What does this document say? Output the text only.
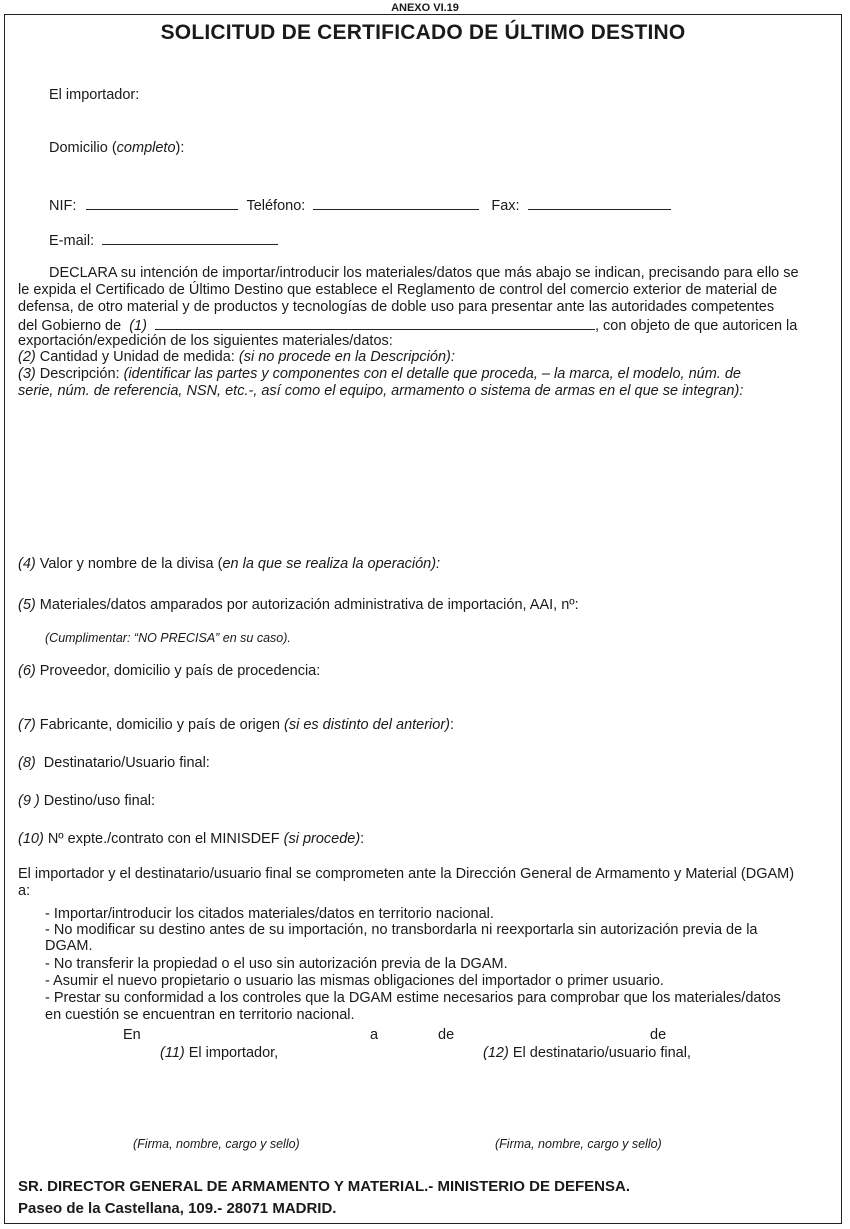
ANEXO VI.19
SOLICITUD DE CERTIFICADO DE ÚLTIMO DESTINO
El importador:
Domicilio (completo):
NIF:	Teléfono:	Fax:
E-mail:
DECLARA su intención de importar/introducir los materiales/datos que más abajo se indican, precisando para ello se
le expida el Certificado de Último Destino que establece el Reglamento de control del comercio exterior de material de
defensa, de otro material y de productos y tecnologías de doble uso para presentar ante las autoridades competentes
del Gobierno de (1)	, con objeto de que autoricen la
exportación/expedición de los siguientes materiales/datos:
(2) Cantidad y Unidad de medida: (si no procede en la Descripción):
(3) Descripción: (identificar las partes y componentes con el detalle que proceda, – la marca, el modelo, núm. de
serie, núm. de referencia, NSN, etc.-, así como el equipo, armamento o sistema de armas en el que se integran):
(4) Valor y nombre de la divisa (en la que se realiza la operación):
(5) Materiales/datos amparados por autorización administrativa de importación, AAI, nº:
(Cumplimentar: “NO PRECISA” en su caso).
(6) Proveedor, domicilio y país de procedencia:
(7) Fabricante, domicilio y país de origen (si es distinto del anterior):
(8) Destinatario/Usuario final:
(9 ) Destino/uso final:
(10) Nº expte./contrato con el MINISDEF (si procede):
El importador y el destinatario/usuario final se comprometen ante la Dirección General de Armamento y Material (DGAM)
a:
- Importar/introducir los citados materiales/datos en territorio nacional.
- No modificar su destino antes de su importación, no transbordarla ni reexportarla sin autorización previa de la
DGAM.
- No transferir la propiedad o el uso sin autorización previa de la DGAM.
- Asumir el nuevo propietario o usuario las mismas obligaciones del importador o primer usuario.
- Prestar su conformidad a los controles que la DGAM estime necesarios para comprobar que los materiales/datos
en cuestión se encuentran en territorio nacional.
En	a	de	de
(11) El importador,	(12) El destinatario/usuario final,
(Firma, nombre, cargo y sello)	(Firma, nombre, cargo y sello)
SR. DIRECTOR GENERAL DE ARMAMENTO Y MATERIAL.- MINISTERIO DE DEFENSA.
Paseo de la Castellana, 109.- 28071 MADRID.
